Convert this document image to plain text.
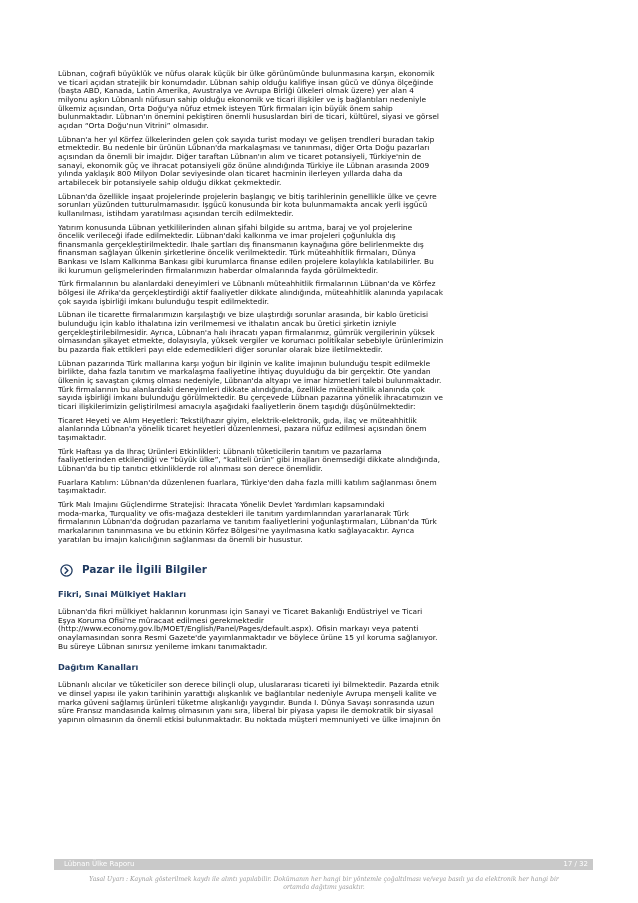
Lübnan, coğrafi büyüklük ve nüfus olarak küçük bir ülke görünümünde bulunmasına karşın, ekonomik
ve ticari açıdan stratejik bir konumdadır. Lübnan sahip olduğu kalifiye insan gücü ve dünya ölçeğinde
(başta ABD, Kanada, Latin Amerika, Avustralya ve Avrupa Birliği ülkeleri olmak üzere) yer alan 4
milyonu aşkın Lübnanlı nüfusun sahip olduğu ekonomik ve ticari ilişkiler ve iş bağlantıları nedeniyle
ülkemiz açısından, Orta Doğu'ya nüfuz etmek isteyen Türk firmaları için büyük önem sahip
bulunmaktadır. Lübnan'ın önemini pekiştiren önemli hususlardan biri de ticari, kültürel, siyasi ve görsel
açıdan “Orta Doğu'nun Vitrini” olmasıdır.
Lübnan'a her yıl Körfez ülkelerinden gelen çok sayıda turist modayı ve gelişen trendleri buradan takip
etmektedir. Bu nedenle bir ürünün Lübnan'da markalaşması ve tanınması, diğer Orta Doğu pazarları
açısından da önemli bir imajdır. Diğer taraftan Lübnan'ın alım ve ticaret potansiyeli, Türkiye'nin de
sanayi, ekonomik güç ve ihracat potansiyeli göz önüne alındığında Türkiye ile Lübnan arasında 2009
yılında yaklaşık 800 Milyon Dolar seviyesinde olan ticaret hacminin ilerleyen yıllarda daha da
artabilecek bir potansiyele sahip olduğu dikkat çekmektedir.
Lübnan'da özellikle inşaat projelerinde projelerin başlangıç ve bitiş tarihlerinin genellikle ülke ve çevre
sorunları yüzünden tutturulmamasıdır. İşgücü konusunda bir kota bulunmamakta ancak yerli işgücü
kullanılması, istihdam yaratılması açısından tercih edilmektedir.
Yatırım konusunda Lübnan yetkililerinden alınan şifahi bilgide su arıtma, baraj ve yol projelerine
öncelik verileceği ifade edilmektedir. Lübnan'daki kalkınma ve imar projeleri çoğunlukla dış
finansmanla gerçekleştirilmektedir. İhale şartları dış finansmanın kaynağına göre belirlenmekte dış
finansman sağlayan ülkenin şirketlerine öncelik verilmektedir. Türk müteahhitlik firmaları, Dünya
Bankası ve İslam Kalkınma Bankası gibi kurumlarca finanse edilen projelere kolaylıkla katılabilirler. Bu
iki kurumun gelişmelerinden firmalarımızın haberdar olmalarında fayda görülmektedir.
Türk firmalarının bu alanlardaki deneyimleri ve Lübnanlı müteahhitlik firmalarının Lübnan'da ve Körfez
bölgesi ile Afrika'da gerçekleştirdiği aktif faaliyetler dikkate alındığında, müteahhitlik alanında yapılacak
çok sayıda işbirliği imkanı bulunduğu tespit edilmektedir.
Lübnan ile ticarette firmalarımızın karşılaştığı ve bize ulaştırdığı sorunlar arasında, bir kablo üreticisi
bulunduğu için kablo ithalatına izin verilmemesi ve ithalatın ancak bu üretici şirketin izniyle
gerçekleştirilebilmesidir. Ayrıca, Lübnan'a halı ihracatı yapan firmalarımız, gümrük vergilerinin yüksek
olmasından şikayet etmekte, dolayısıyla, yüksek vergiler ve korumacı politikalar sebebiyle ürünlerimizin
bu pazarda fiak ettikleri payı elde edemedikleri diğer sorunlar olarak bize iletilmektedir.
Lübnan pazarında Türk mallarına karşı yoğun bir ilginin ve kalite imajının bulunduğu tespit edilmekle
birlikte, daha fazla tanıtım ve markalaşma faaliyetine ihtiyaç duyulduğu da bir gerçektir. Öte yandan
ülkenin iç savaştan çıkmış olması nedeniyle, Lübnan'da altyapı ve imar hizmetleri talebi bulunmaktadır.
Türk firmalarının bu alanlardaki deneyimleri dikkate alındığında, özellikle müteahhitlik alanında çok
sayıda işbirliği imkanı bulunduğu görülmektedir. Bu çerçevede Lübnan pazarına yönelik ihracatımızın ve
ticari ilişkilerimizin geliştirilmesi amacıyla aşağıdaki faaliyetlerin önem taşıdığı düşünülmektedir:
Ticaret Heyeti ve Alım Heyetleri: Tekstil/hazır giyim, elektrik-elektronik, gıda, ilaç ve müteahhitlik
alanlarında Lübnan'a yönelik ticaret heyetleri düzenlenmesi, pazara nüfuz edilmesi açısından önem
taşımaktadır.
Türk Haftası ya da İhraç Ürünleri Etkinlikleri: Lübnanlı tüketicilerin tanıtım ve pazarlama
faaliyetlerinden etkilendiği ve “büyük ülke”, “kaliteli ürün” gibi imajları önemsediği dikkate alındığında,
Lübnan'da bu tip tanıtıcı etkinliklerde rol alınması son derece önemlidir.
Fuarlara Katılım: Lübnan'da düzenlenen fuarlara, Türkiye'den daha fazla milli katılım sağlanması önem
taşımaktadır.
Türk Malı İmajını Güçlendirme Stratejisi: İhracata Yönelik Devlet Yardımları kapsamındaki
moda-marka, Turquality ve ofis-mağaza destekleri ile tanıtım yardımlarından yararlanarak Türk
firmalarının Lübnan'da doğrudan pazarlama ve tanıtım faaliyetlerini yoğunlaştırmaları, Lübnan'da Türk
markalarının tanınmasına ve bu etkinin Körfez Bölgesi'ne yayılmasına katkı sağlayacaktır. Ayrıca
yaratılan bu imajın kalıcılığının sağlanması da önemli bir husustur.
Pazar ile İlgili Bilgiler
Fikri, Sınai Mülkiyet Hakları
Lübnan'da fikri mülkiyet haklarının korunması için Sanayi ve Ticaret Bakanlığı Endüstriyel ve Ticari
Eşya Koruma Ofisi'ne müracaat edilmesi gerekmektedir
(http://www.economy.gov.lb/MOET/English/Panel/Pages/default.aspx). Ofisin markayı veya patenti
onaylamasından sonra Resmi Gazete'de yayımlanmaktadır ve böylece ürüne 15 yıl koruma sağlanıyor.
Bu süreye Lübnan sınırsız yenileme imkanı tanımaktadır.
Dağıtım Kanalları
Lübnanlı alıcılar ve tüketiciler son derece bilinçli olup, uluslararası ticareti iyi bilmektedir. Pazarda etnik
ve dinsel yapısı ile yakın tarihinin yarattığı alışkanlık ve bağlantılar nedeniyle Avrupa menşeli kalite ve
marka güveni sağlamış ürünleri tüketme alışkanlığı yaygındır. Bunda I. Dünya Savaşı sonrasında uzun
süre Fransız mandasında kalmış olmasının yanı sıra, liberal bir piyasa yapısı ile demokratik bir siyasal
yapının olmasının da önemli etkisi bulunmaktadır. Bu noktada müşteri memnuniyeti ve ülke imajının ön
Lübnan Ülke Raporu	17 / 32
Yasal Uyarı : Kaynak gösterilmek kaydı ile alıntı yapılabilir. Dokümanın her hangi bir yöntemle çoğaltılması ve/veya basılı ya da elektronik her hangi bir
ortamda dağıtımı yasaktır.
